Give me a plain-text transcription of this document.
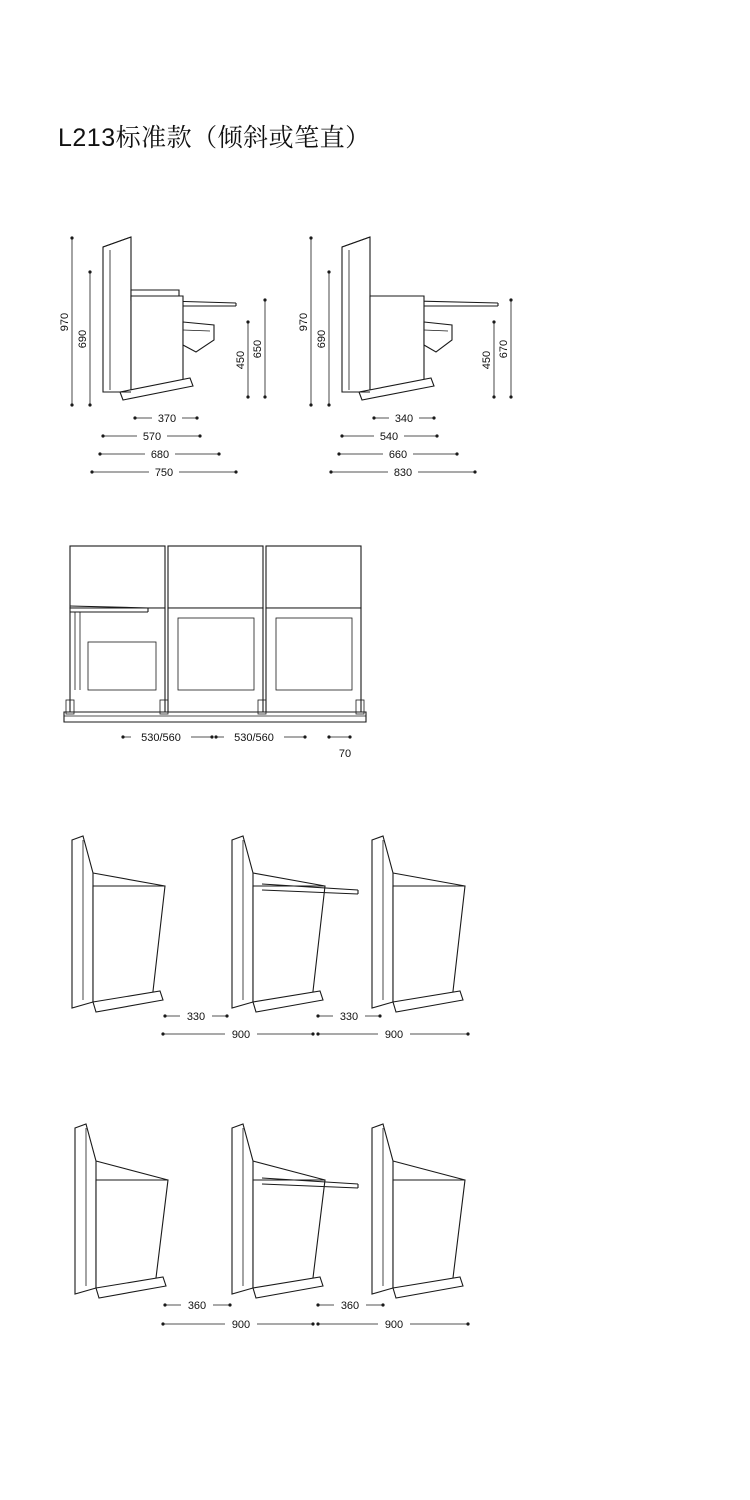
L213标准款（倾斜或笔直）
970
690
450
650
370
570
680
750
970
690
450
670
340
540
660
830
530/560	530/560
70
330
900
330
900
360
900
360
900
